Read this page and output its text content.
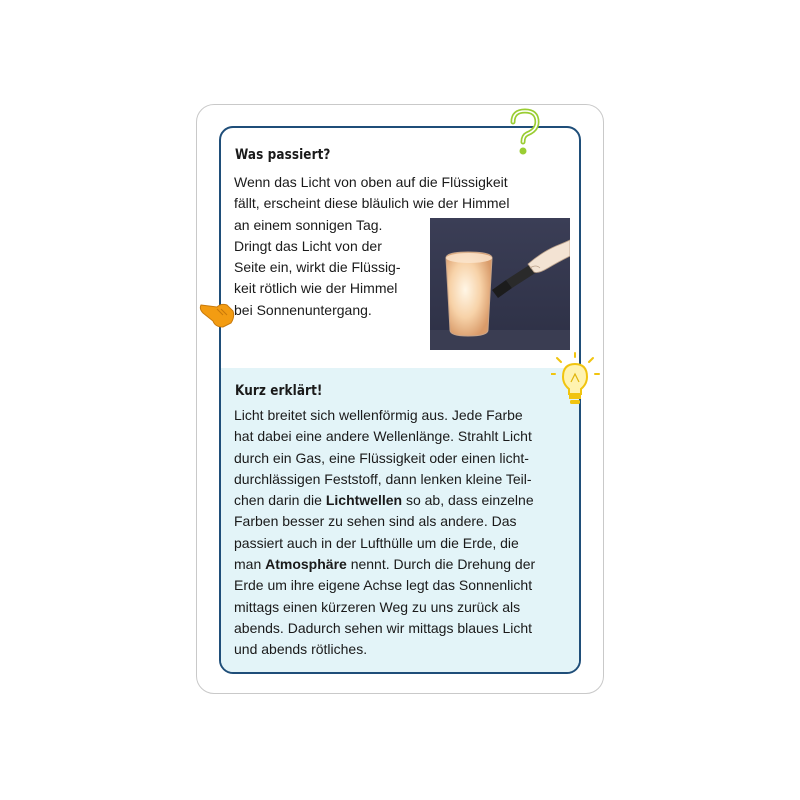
Was passiert?
Wenn das Licht von oben auf die Flüssigkeit
fällt, erscheint diese bläulich wie der Himmel
an einem sonnigen Tag.
Dringt das Licht von der
Seite ein, wirkt die Flüssig-
keit rötlich wie der Himmel
bei Sonnenuntergang.
Kurz erklärt!
Licht breitet sich wellenförmig aus. Jede Farbe
hat dabei eine andere Wellenlänge. Strahlt Licht
durch ein Gas, eine Flüssigkeit oder einen licht-
durchlässigen Feststoff, dann lenken kleine Teil-
chen darin die Lichtwellen so ab, dass einzelne
Farben besser zu sehen sind als andere. Das
passiert auch in der Lufthülle um die Erde, die
man Atmosphäre nennt. Durch die Drehung der
Erde um ihre eigene Achse legt das Sonnenlicht
mittags einen kürzeren Weg zu uns zurück als
abends. Dadurch sehen wir mittags blaues Licht
und abends rötliches.
